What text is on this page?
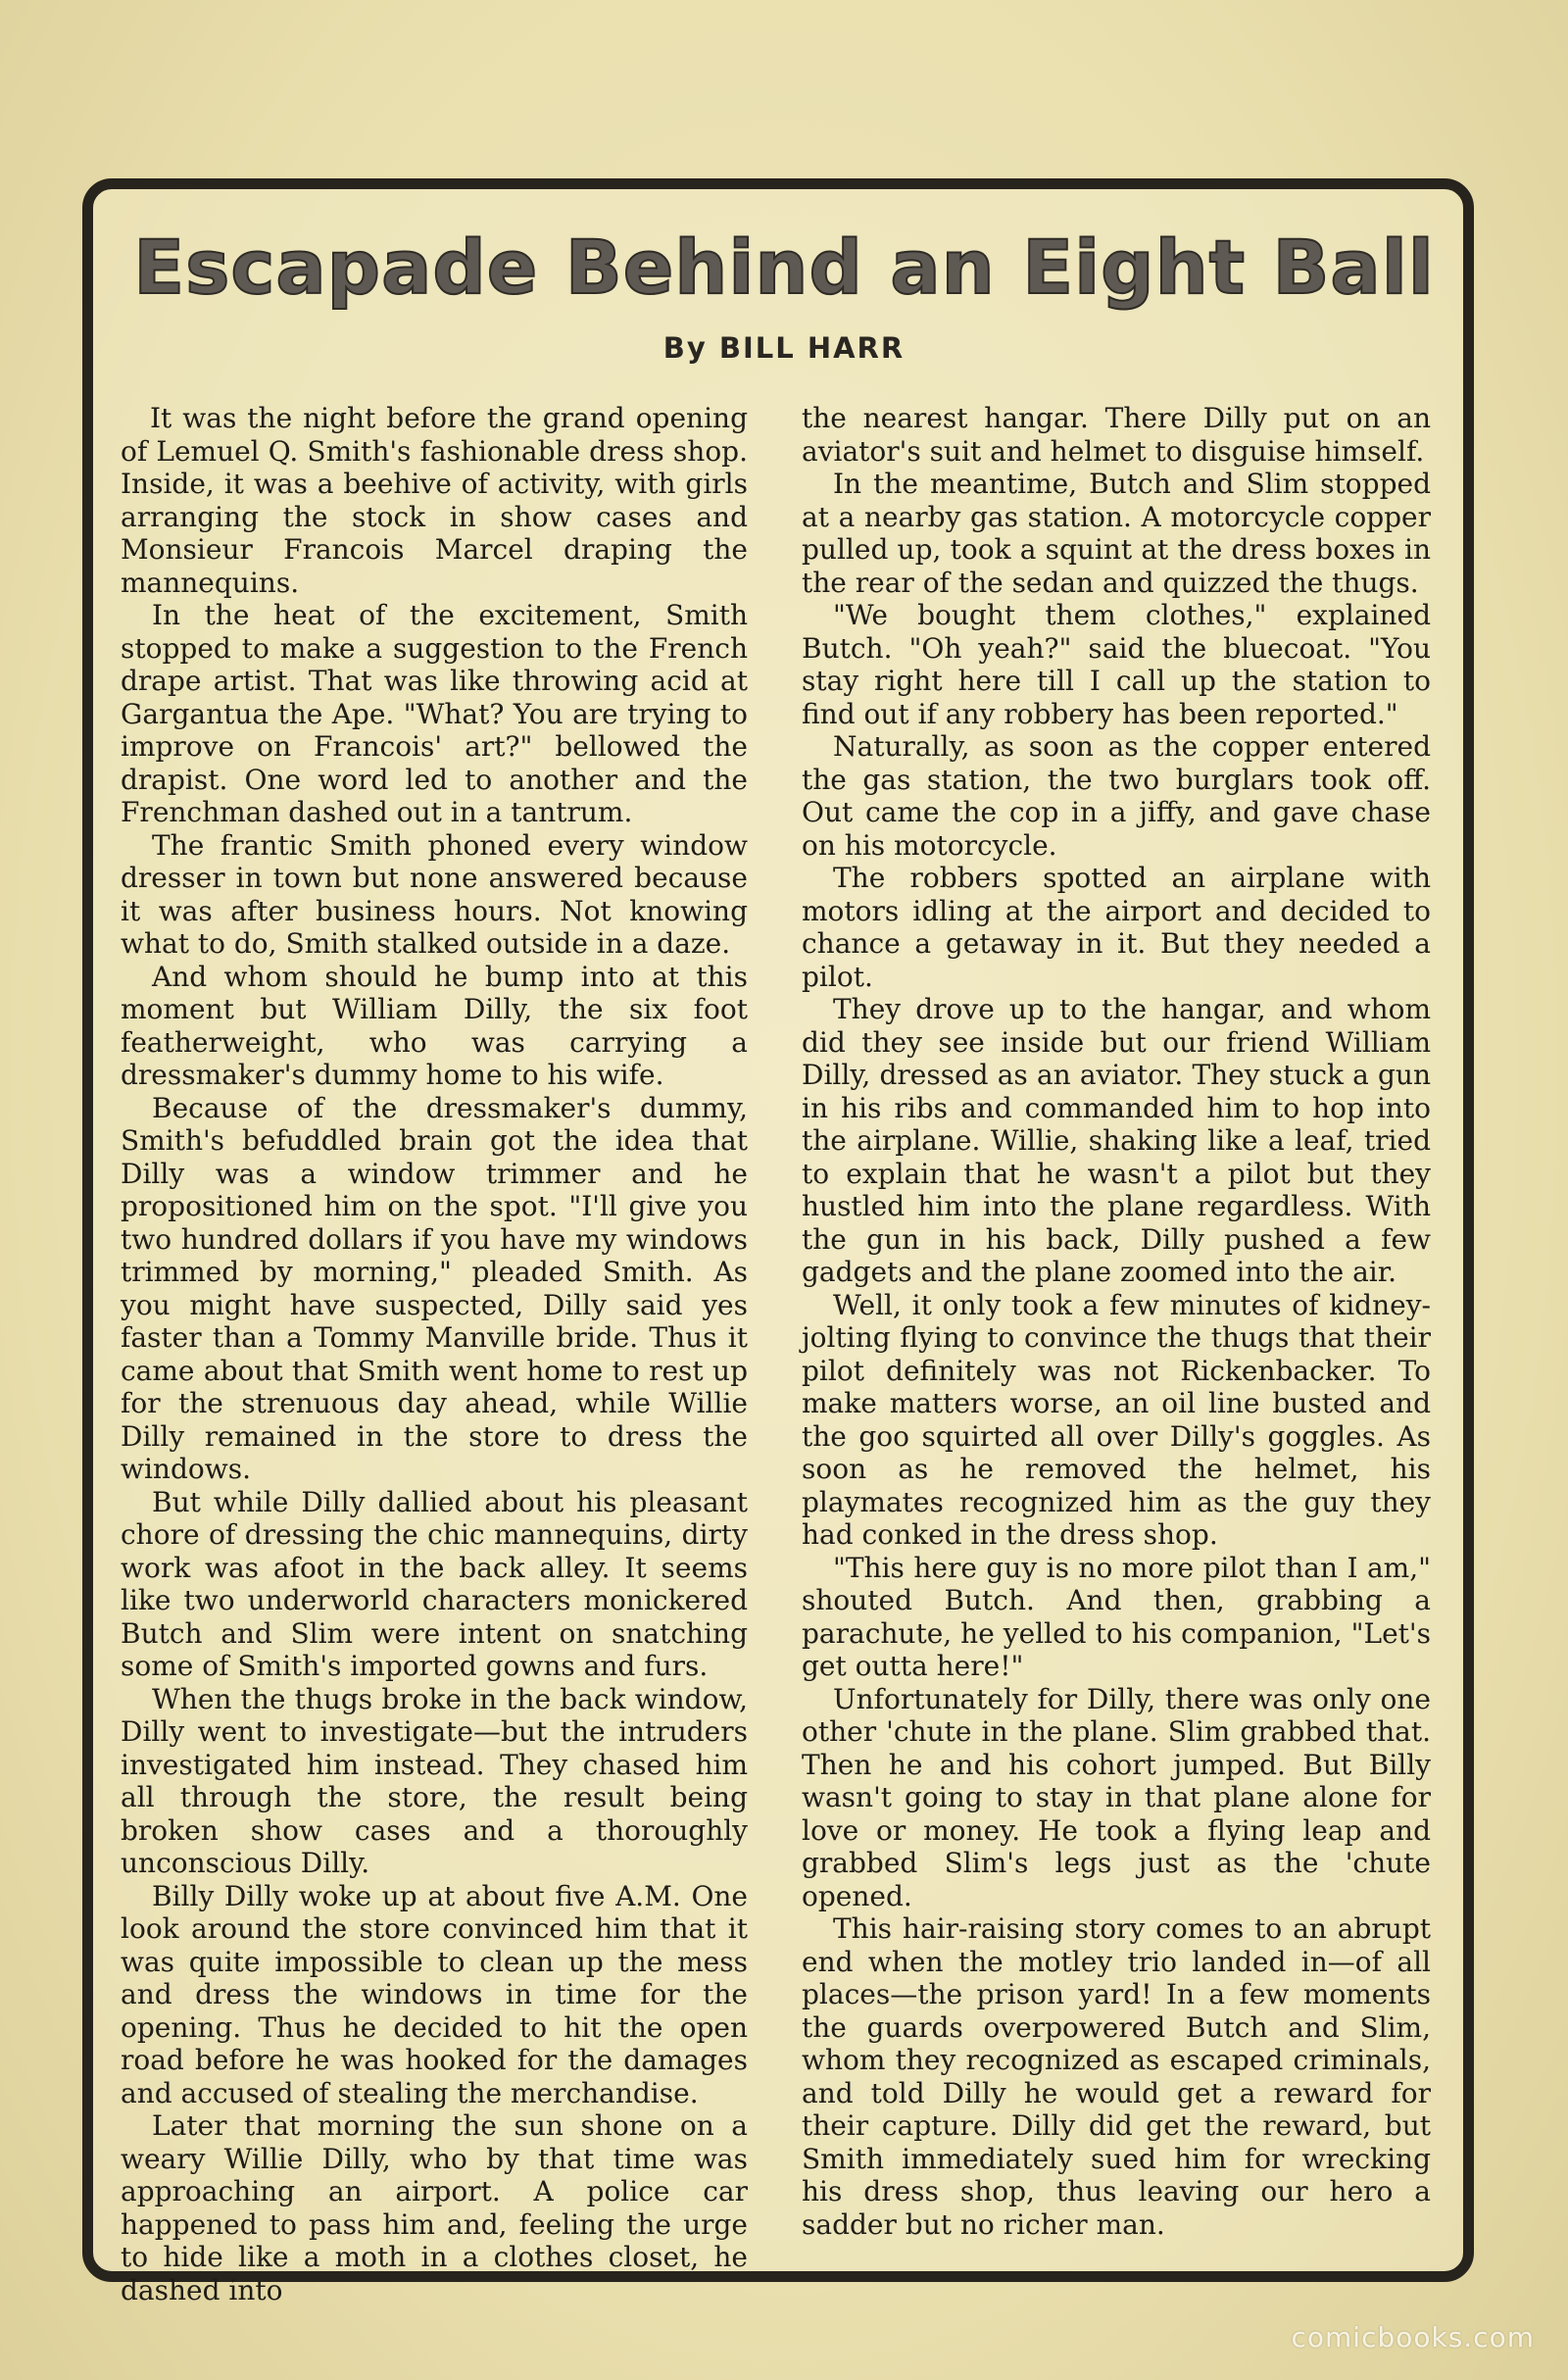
Escapade Behind an Eight Ball
By BILL HARR

It was the night before the grand opening of Lemuel Q. Smith's fashionable dress shop. Inside, it was a beehive of activity, with girls arranging the stock in show cases and Monsieur Francois Marcel draping the mannequins.

In the heat of the excitement, Smith stopped to make a suggestion to the French drape artist. That was like throwing acid at Gargantua the Ape. "What? You are trying to improve on Francois' art?" bellowed the drapist. One word led to another and the Frenchman dashed out in a tantrum.

The frantic Smith phoned every window dresser in town but none answered because it was after business hours. Not knowing what to do, Smith stalked outside in a daze.

And whom should he bump into at this moment but William Dilly, the six foot featherweight, who was carrying a dressmaker's dummy home to his wife.

Because of the dressmaker's dummy, Smith's befuddled brain got the idea that Dilly was a window trimmer and he propositioned him on the spot. "I'll give you two hundred dollars if you have my windows trimmed by morning," pleaded Smith. As you might have suspected, Dilly said yes faster than a Tommy Manville bride. Thus it came about that Smith went home to rest up for the strenuous day ahead, while Willie Dilly remained in the store to dress the windows.

But while Dilly dallied about his pleasant chore of dressing the chic mannequins, dirty work was afoot in the back alley. It seems like two underworld characters monickered Butch and Slim were intent on snatching some of Smith's imported gowns and furs.

When the thugs broke in the back window, Dilly went to investigate—but the intruders investigated him instead. They chased him all through the store, the result being broken show cases and a thoroughly unconscious Dilly.

Billy Dilly woke up at about five A.M. One look around the store convinced him that it was quite impossible to clean up the mess and dress the windows in time for the opening. Thus he decided to hit the open road before he was hooked for the damages and accused of stealing the merchandise.

Later that morning the sun shone on a weary Willie Dilly, who by that time was approaching an airport. A police car happened to pass him and, feeling the urge to hide like a moth in a clothes closet, he dashed into

the nearest hangar. There Dilly put on an aviator's suit and helmet to disguise himself.

In the meantime, Butch and Slim stopped at a nearby gas station. A motorcycle copper pulled up, took a squint at the dress boxes in the rear of the sedan and quizzed the thugs.

"We bought them clothes," explained Butch. "Oh yeah?" said the bluecoat. "You stay right here till I call up the station to find out if any robbery has been reported."

Naturally, as soon as the copper entered the gas station, the two burglars took off. Out came the cop in a jiffy, and gave chase on his motorcycle.

The robbers spotted an airplane with motors idling at the airport and decided to chance a getaway in it. But they needed a pilot.

They drove up to the hangar, and whom did they see inside but our friend William Dilly, dressed as an aviator. They stuck a gun in his ribs and commanded him to hop into the airplane. Willie, shaking like a leaf, tried to explain that he wasn't a pilot but they hustled him into the plane regardless. With the gun in his back, Dilly pushed a few gadgets and the plane zoomed into the air.

Well, it only took a few minutes of kidney-jolting flying to convince the thugs that their pilot definitely was not Rickenbacker. To make matters worse, an oil line busted and the goo squirted all over Dilly's goggles. As soon as he removed the helmet, his playmates recognized him as the guy they had conked in the dress shop.

"This here guy is no more pilot than I am," shouted Butch. And then, grabbing a parachute, he yelled to his companion, "Let's get outta here!"

Unfortunately for Dilly, there was only one other 'chute in the plane. Slim grabbed that. Then he and his cohort jumped. But Billy wasn't going to stay in that plane alone for love or money. He took a flying leap and grabbed Slim's legs just as the 'chute opened.

This hair-raising story comes to an abrupt end when the motley trio landed in—of all places—the prison yard! In a few moments the guards overpowered Butch and Slim, whom they recognized as escaped criminals, and told Dilly he would get a reward for their capture. Dilly did get the reward, but Smith immediately sued him for wrecking his dress shop, thus leaving our hero a sadder but no richer man.

comicbooks.com
